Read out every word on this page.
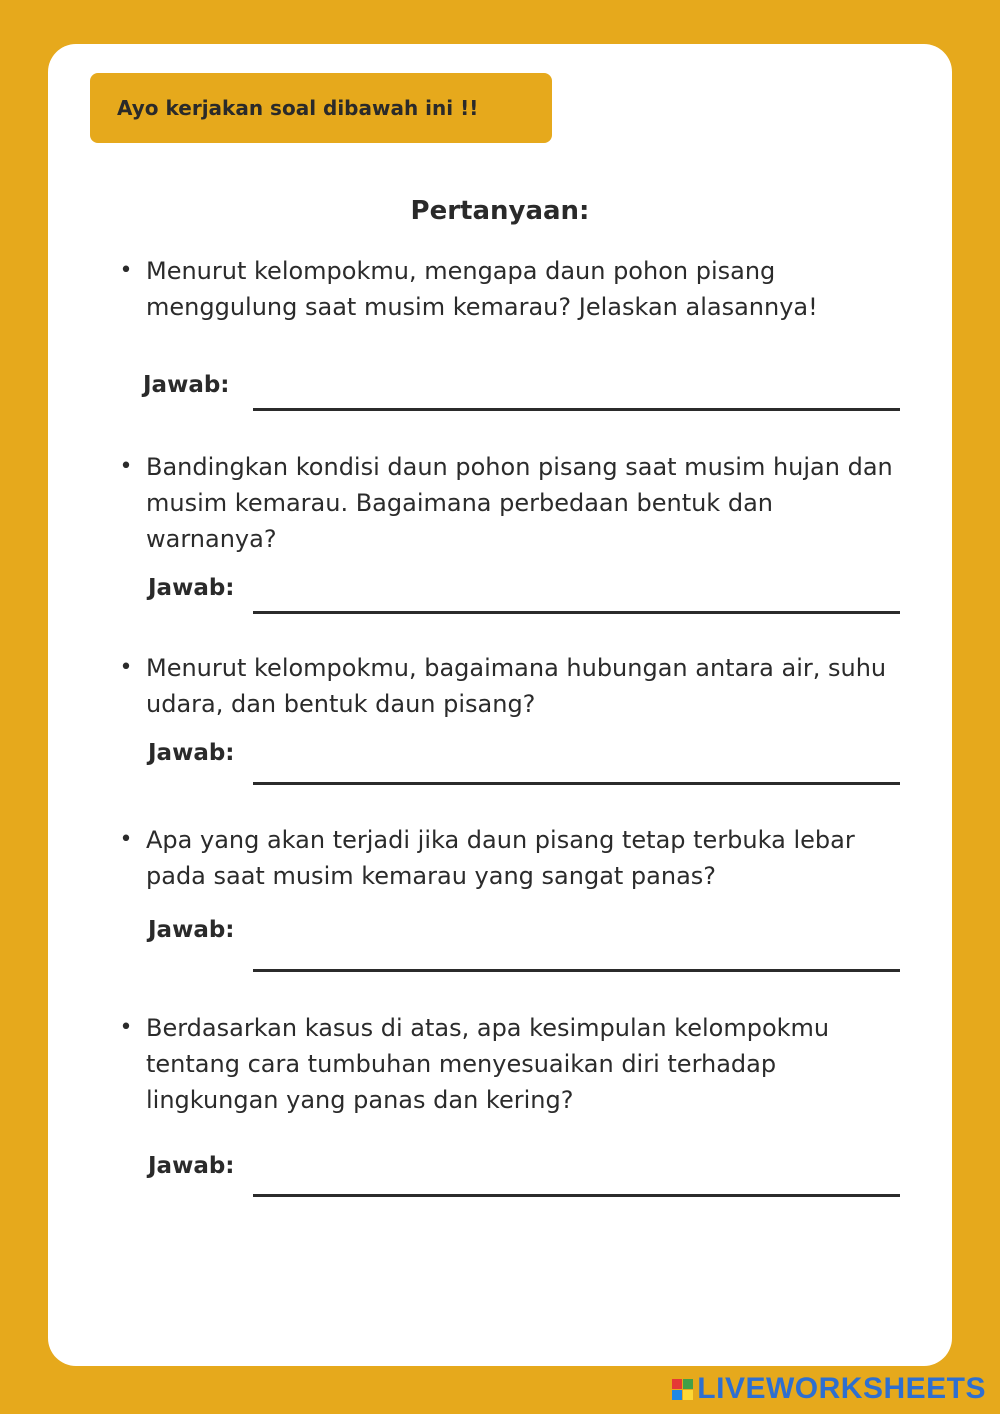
Ayo kerjakan soal dibawah ini !!
Pertanyaan:
• Menurut kelompokmu, mengapa daun pohon pisang menggulung saat musim kemarau? Jelaskan alasannya!
Jawab:
• Bandingkan kondisi daun pohon pisang saat musim hujan dan musim kemarau. Bagaimana perbedaan bentuk dan warnanya?
Jawab:
• Menurut kelompokmu, bagaimana hubungan antara air, suhu udara, dan bentuk daun pisang?
Jawab:
• Apa yang akan terjadi jika daun pisang tetap terbuka lebar pada saat musim kemarau yang sangat panas?
Jawab:
• Berdasarkan kasus di atas, apa kesimpulan kelompokmu tentang cara tumbuhan menyesuaikan diri terhadap lingkungan yang panas dan kering?
Jawab:
LIVEWORKSHEETS
